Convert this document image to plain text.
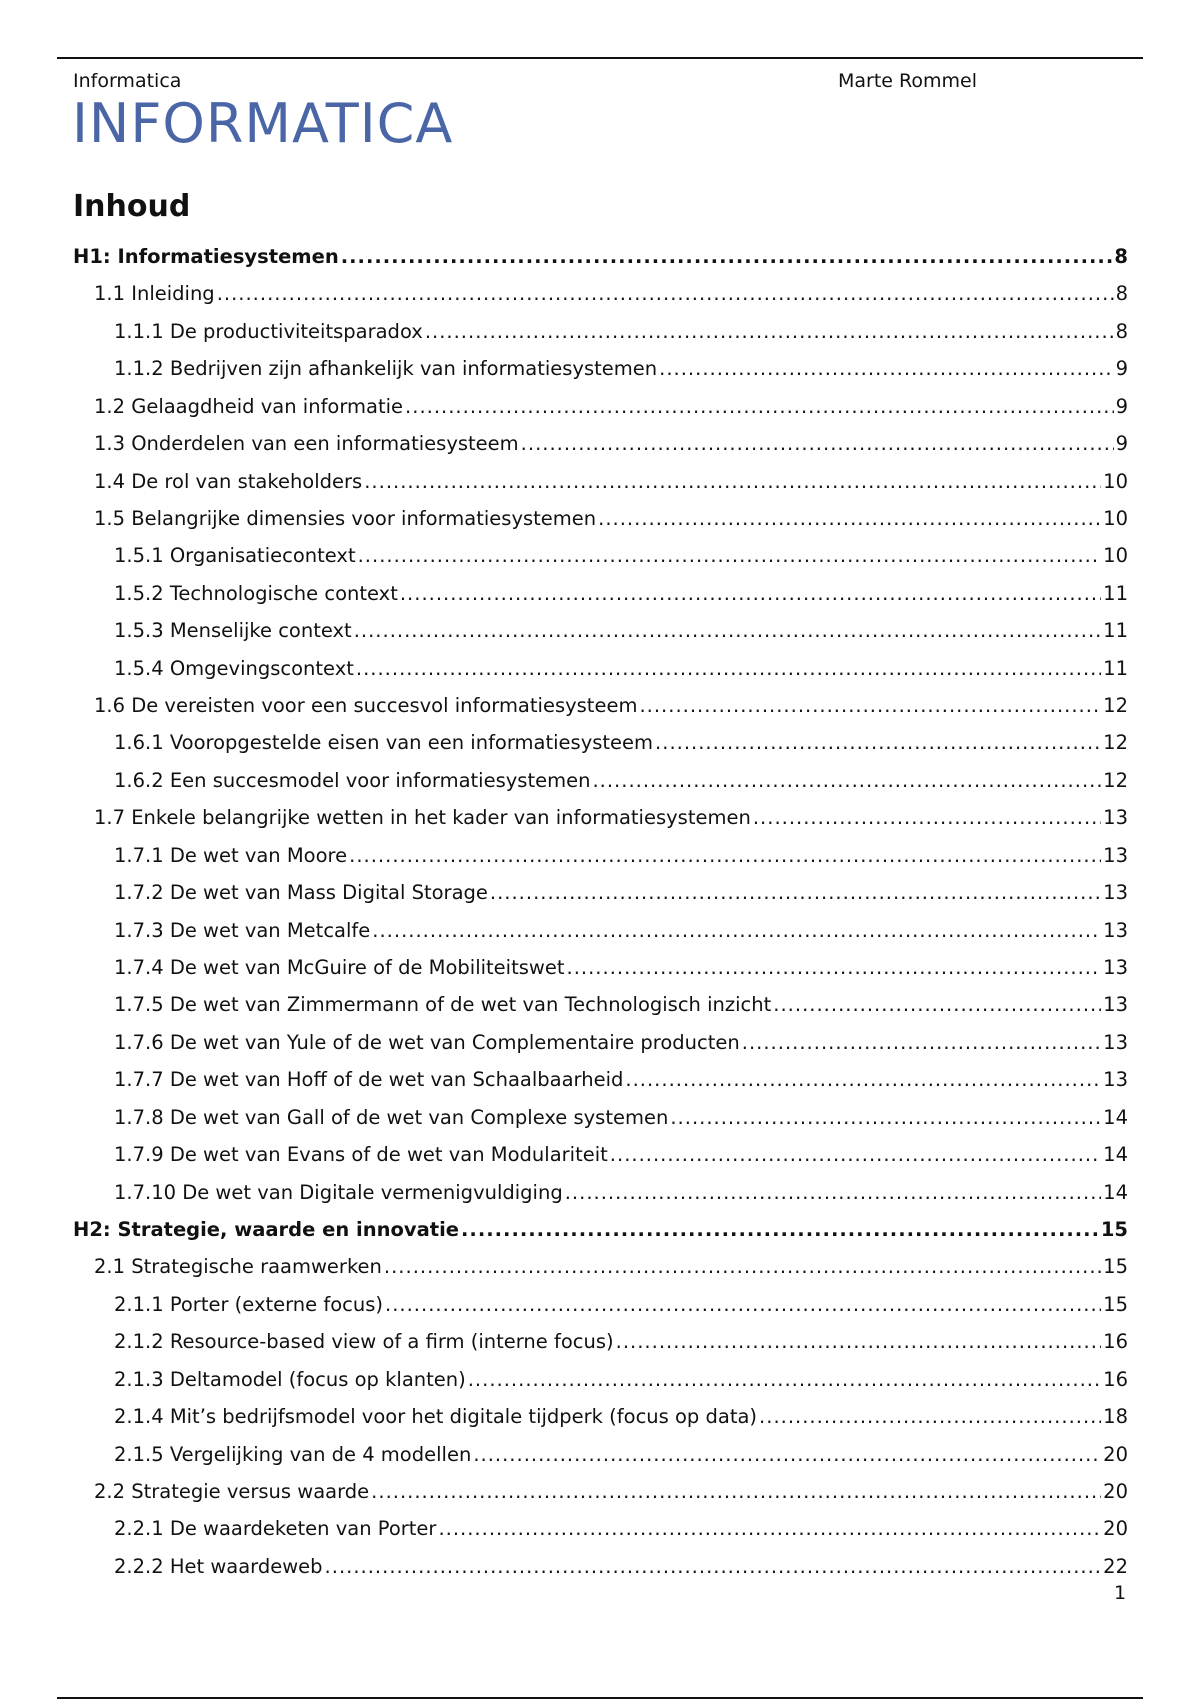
Informatica	Marte Rommel
INFORMATICA
Inhoud
H1: Informatiesystemen .....	8
1.1 Inleiding .....	8
1.1.1 De productiviteitsparadox .....	8
1.1.2 Bedrijven zijn afhankelijk van informatiesystemen .....	9
1.2 Gelaagdheid van informatie .....	9
1.3 Onderdelen van een informatiesysteem .....	9
1.4 De rol van stakeholders .....	10
1.5 Belangrijke dimensies voor informatiesystemen .....	10
1.5.1 Organisatiecontext .....	10
1.5.2 Technologische context .....	11
1.5.3 Menselijke context .....	11
1.5.4 Omgevingscontext .....	11
1.6 De vereisten voor een succesvol informatiesysteem .....	12
1.6.1 Vooropgestelde eisen van een informatiesysteem .....	12
1.6.2 Een succesmodel voor informatiesystemen .....	12
1.7 Enkele belangrijke wetten in het kader van informatiesystemen .....	13
1.7.1 De wet van Moore .....	13
1.7.2 De wet van Mass Digital Storage .....	13
1.7.3 De wet van Metcalfe .....	13
1.7.4 De wet van McGuire of de Mobiliteitswet .....	13
1.7.5 De wet van Zimmermann of de wet van Technologisch inzicht .....	13
1.7.6 De wet van Yule of de wet van Complementaire producten .....	13
1.7.7 De wet van Hoff of de wet van Schaalbaarheid .....	13
1.7.8 De wet van Gall of de wet van Complexe systemen .....	14
1.7.9 De wet van Evans of de wet van Modulariteit .....	14
1.7.10 De wet van Digitale vermenigvuldiging .....	14
H2: Strategie, waarde en innovatie .....	15
2.1 Strategische raamwerken .....	15
2.1.1 Porter (externe focus) .....	15
2.1.2 Resource-based view of a firm (interne focus) .....	16
2.1.3 Deltamodel (focus op klanten) .....	16
2.1.4 Mit’s bedrijfsmodel voor het digitale tijdperk (focus op data) .....	18
2.1.5 Vergelijking van de 4 modellen .....	20
2.2 Strategie versus waarde .....	20
2.2.1 De waardeketen van Porter .....	20
2.2.2 Het waardeweb .....	22
1
